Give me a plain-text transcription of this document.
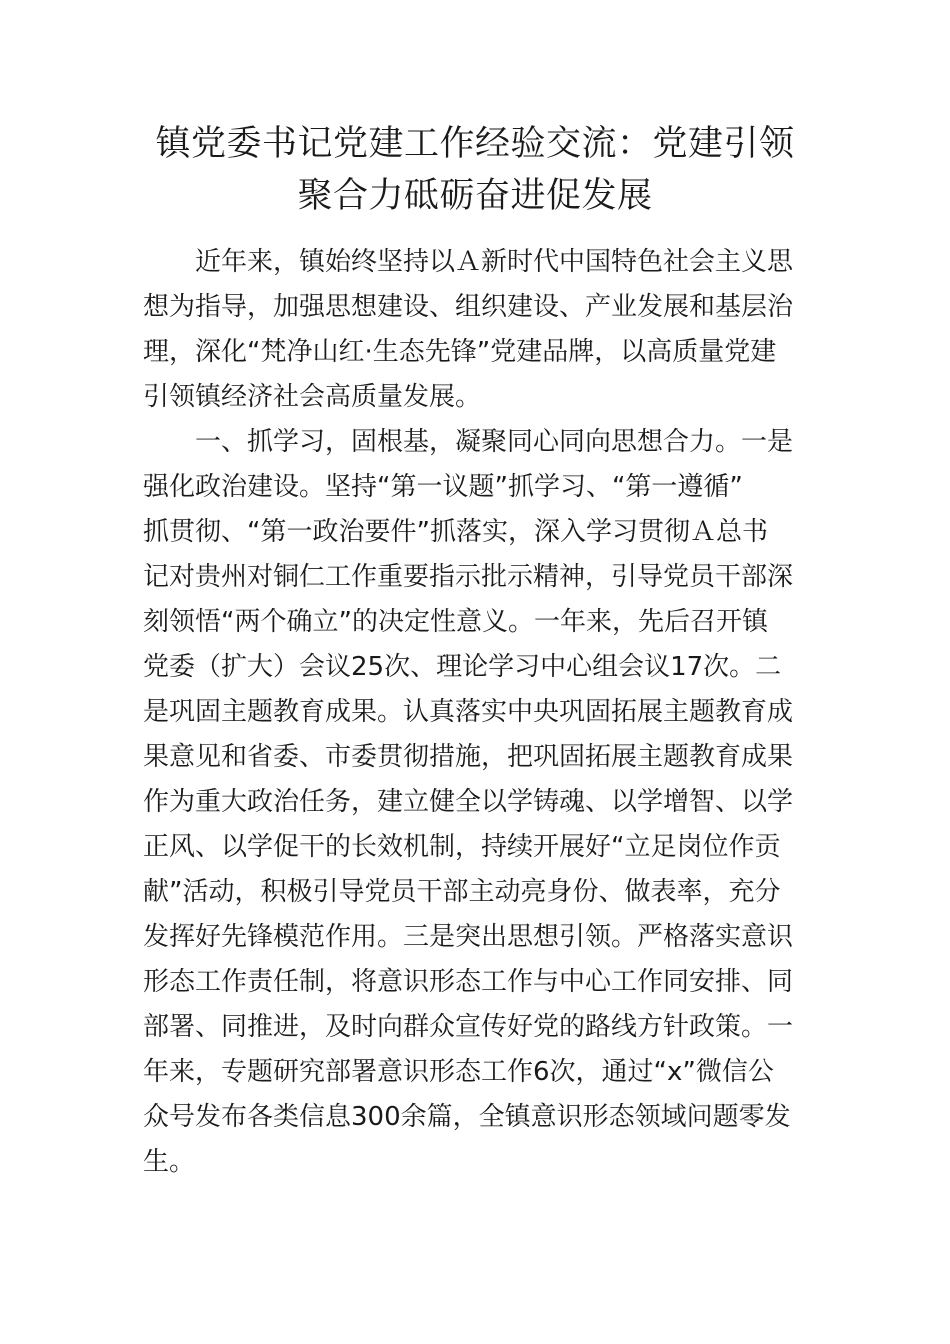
镇党委书记党建工作经验交流：党建引领
聚合力砥砺奋进促发展
近年来，镇始终坚持以Ａ新时代中国特色社会主义思
想为指导，加强思想建设、组织建设、产业发展和基层治
理，深化“梵净山红·生态先锋”党建品牌，以高质量党建
引领镇经济社会高质量发展。
一、抓学习，固根基，凝聚同心同向思想合力。一是
强化政治建设。坚持“第一议题”抓学习、“第一遵循”
抓贯彻、“第一政治要件”抓落实，深入学习贯彻Ａ总书
记对贵州对铜仁工作重要指示批示精神，引导党员干部深
刻领悟“两个确立”的决定性意义。一年来，先后召开镇
党委（扩大）会议25次、理论学习中心组会议17次。二
是巩固主题教育成果。认真落实中央巩固拓展主题教育成
果意见和省委、市委贯彻措施，把巩固拓展主题教育成果
作为重大政治任务，建立健全以学铸魂、以学增智、以学
正风、以学促干的长效机制，持续开展好“立足岗位作贡
献”活动，积极引导党员干部主动亮身份、做表率，充分
发挥好先锋模范作用。三是突出思想引领。严格落实意识
形态工作责任制，将意识形态工作与中心工作同安排、同
部署、同推进，及时向群众宣传好党的路线方针政策。一
年来，专题研究部署意识形态工作6次，通过“x”微信公
众号发布各类信息300余篇，全镇意识形态领域问题零发
生。
